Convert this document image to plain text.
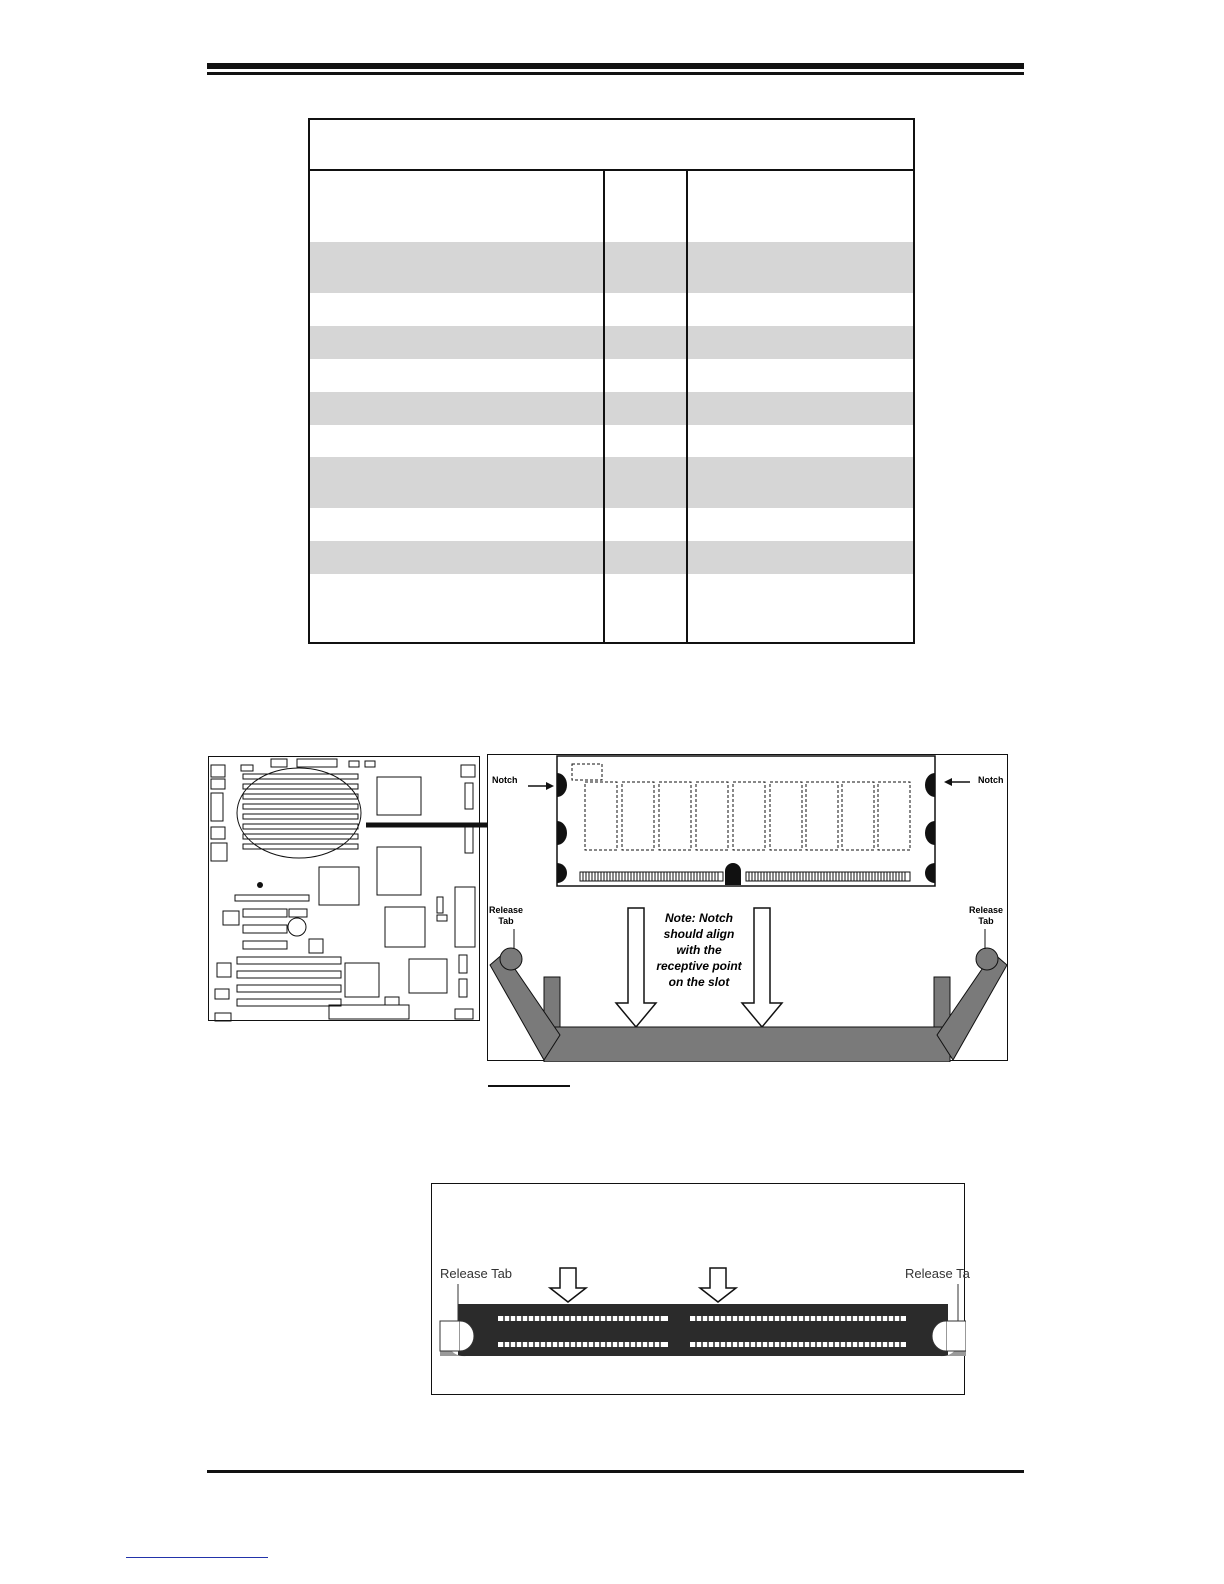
Notch	Notch
Release
Tab
Release
Tab
Note: Notch
should align
with the
receptive point
on the slot
Release Tab	Release Ta
